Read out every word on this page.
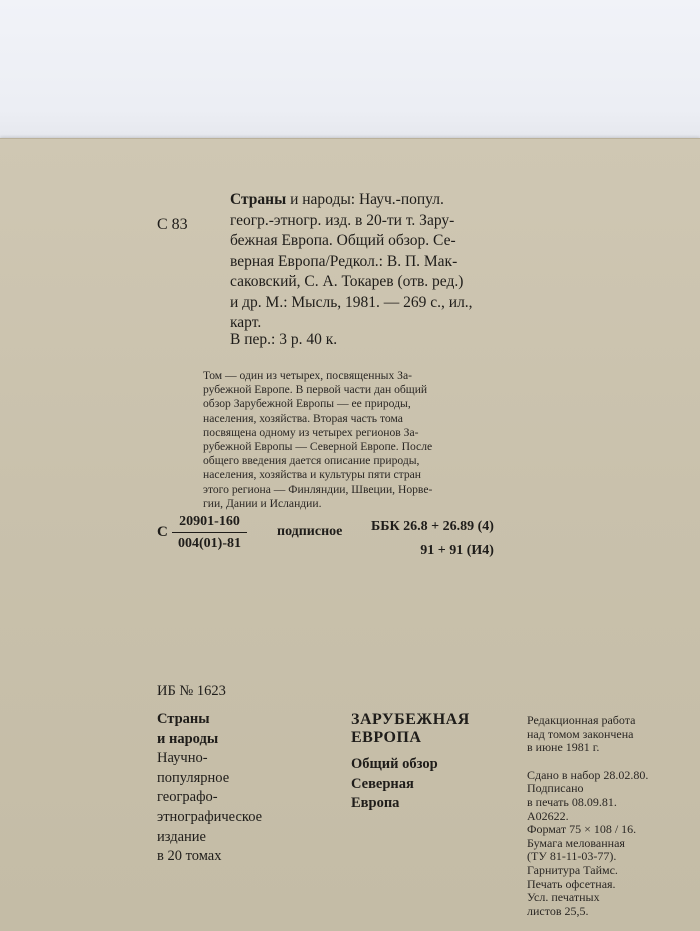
С 83
Страны и народы: Науч.-попул.
геогр.-этногр. изд. в 20-ти т. Зару-
бежная Европа. Общий обзор. Се-
верная Европа/Редкол.: В. П. Мак-
саковский, С. А. Токарев (отв. ред.)
и др. М.: Мысль, 1981. — 269 с., ил.,
карт.
В пер.: 3 р. 40 к.
Том — один из четырех, посвященных За-
рубежной Европе. В первой части дан общий
обзор Зарубежной Европы — ее природы,
населения, хозяйства. Вторая часть тома
посвящена одному из четырех регионов За-
рубежной Европы — Северной Европе. После
общего введения дается описание природы,
населения, хозяйства и культуры пяти стран
этого региона — Финляндии, Швеции, Норве-
гии, Дании и Исландии.
С $\frac{20901-160}{004(01)-81}$ подписное ББК 26.8 + 26.89 (4)
91 + 91 (И4)
ИБ № 1623
Страны
и народы
Научно-
популярное
географо-
этнографическое
издание
в 20 томах
ЗАРУБЕЖНАЯ
ЕВРОПА
Общий обзор
Северная
Европа
Редакционная работа
над томом закончена
в июне 1981 г.
Сдано в набор 28.02.80.
Подписано
в печать 08.09.81.
А02622.
Формат 75 × 108 / 16.
Бумага мелованная
(ТУ 81-11-03-77).
Гарнитура Таймс.
Печать офсетная.
Усл. печатных
листов 25,5.
